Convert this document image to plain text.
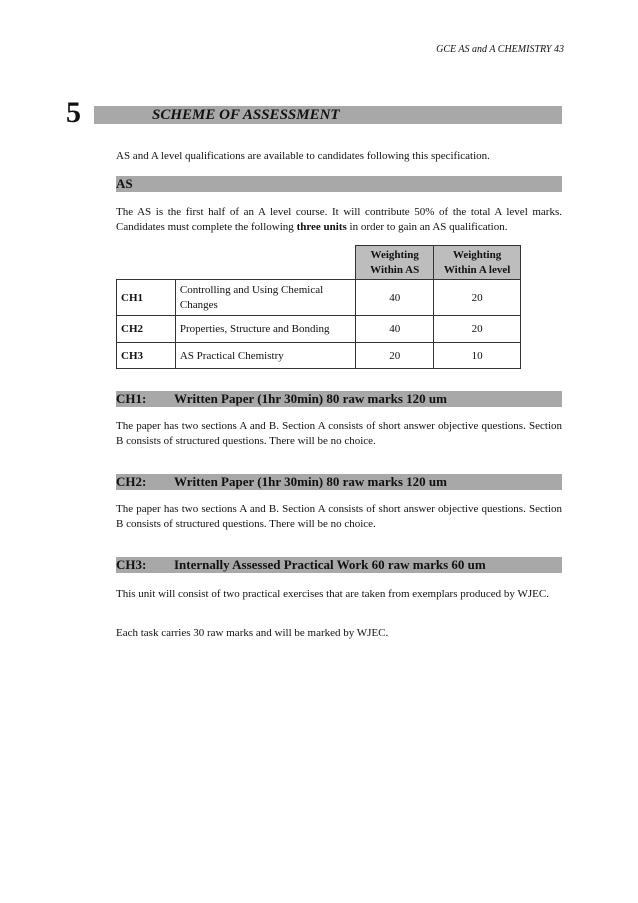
GCE AS and A CHEMISTRY 43
5	SCHEME OF ASSESSMENT
AS and A level qualifications are available to candidates following this specification.
AS
The AS is the first half of an A level course. It will contribute 50% of the total A level marks. Candidates must complete the following three units in order to gain an AS qualification.
		Weighting Within AS	Weighting Within A level
CH1	Controlling and Using Chemical Changes	40	20
CH2	Properties, Structure and Bonding	40	20
CH3	AS Practical Chemistry	20	10
CH1: Written Paper (1hr 30min) 80 raw marks 120 um
The paper has two sections A and B. Section A consists of short answer objective questions. Section B consists of structured questions. There will be no choice.
CH2: Written Paper (1hr 30min) 80 raw marks 120 um
The paper has two sections A and B. Section A consists of short answer objective questions. Section B consists of structured questions. There will be no choice.
CH3: Internally Assessed Practical Work 60 raw marks 60 um
This unit will consist of two practical exercises that are taken from exemplars produced by WJEC.
Each task carries 30 raw marks and will be marked by WJEC.
